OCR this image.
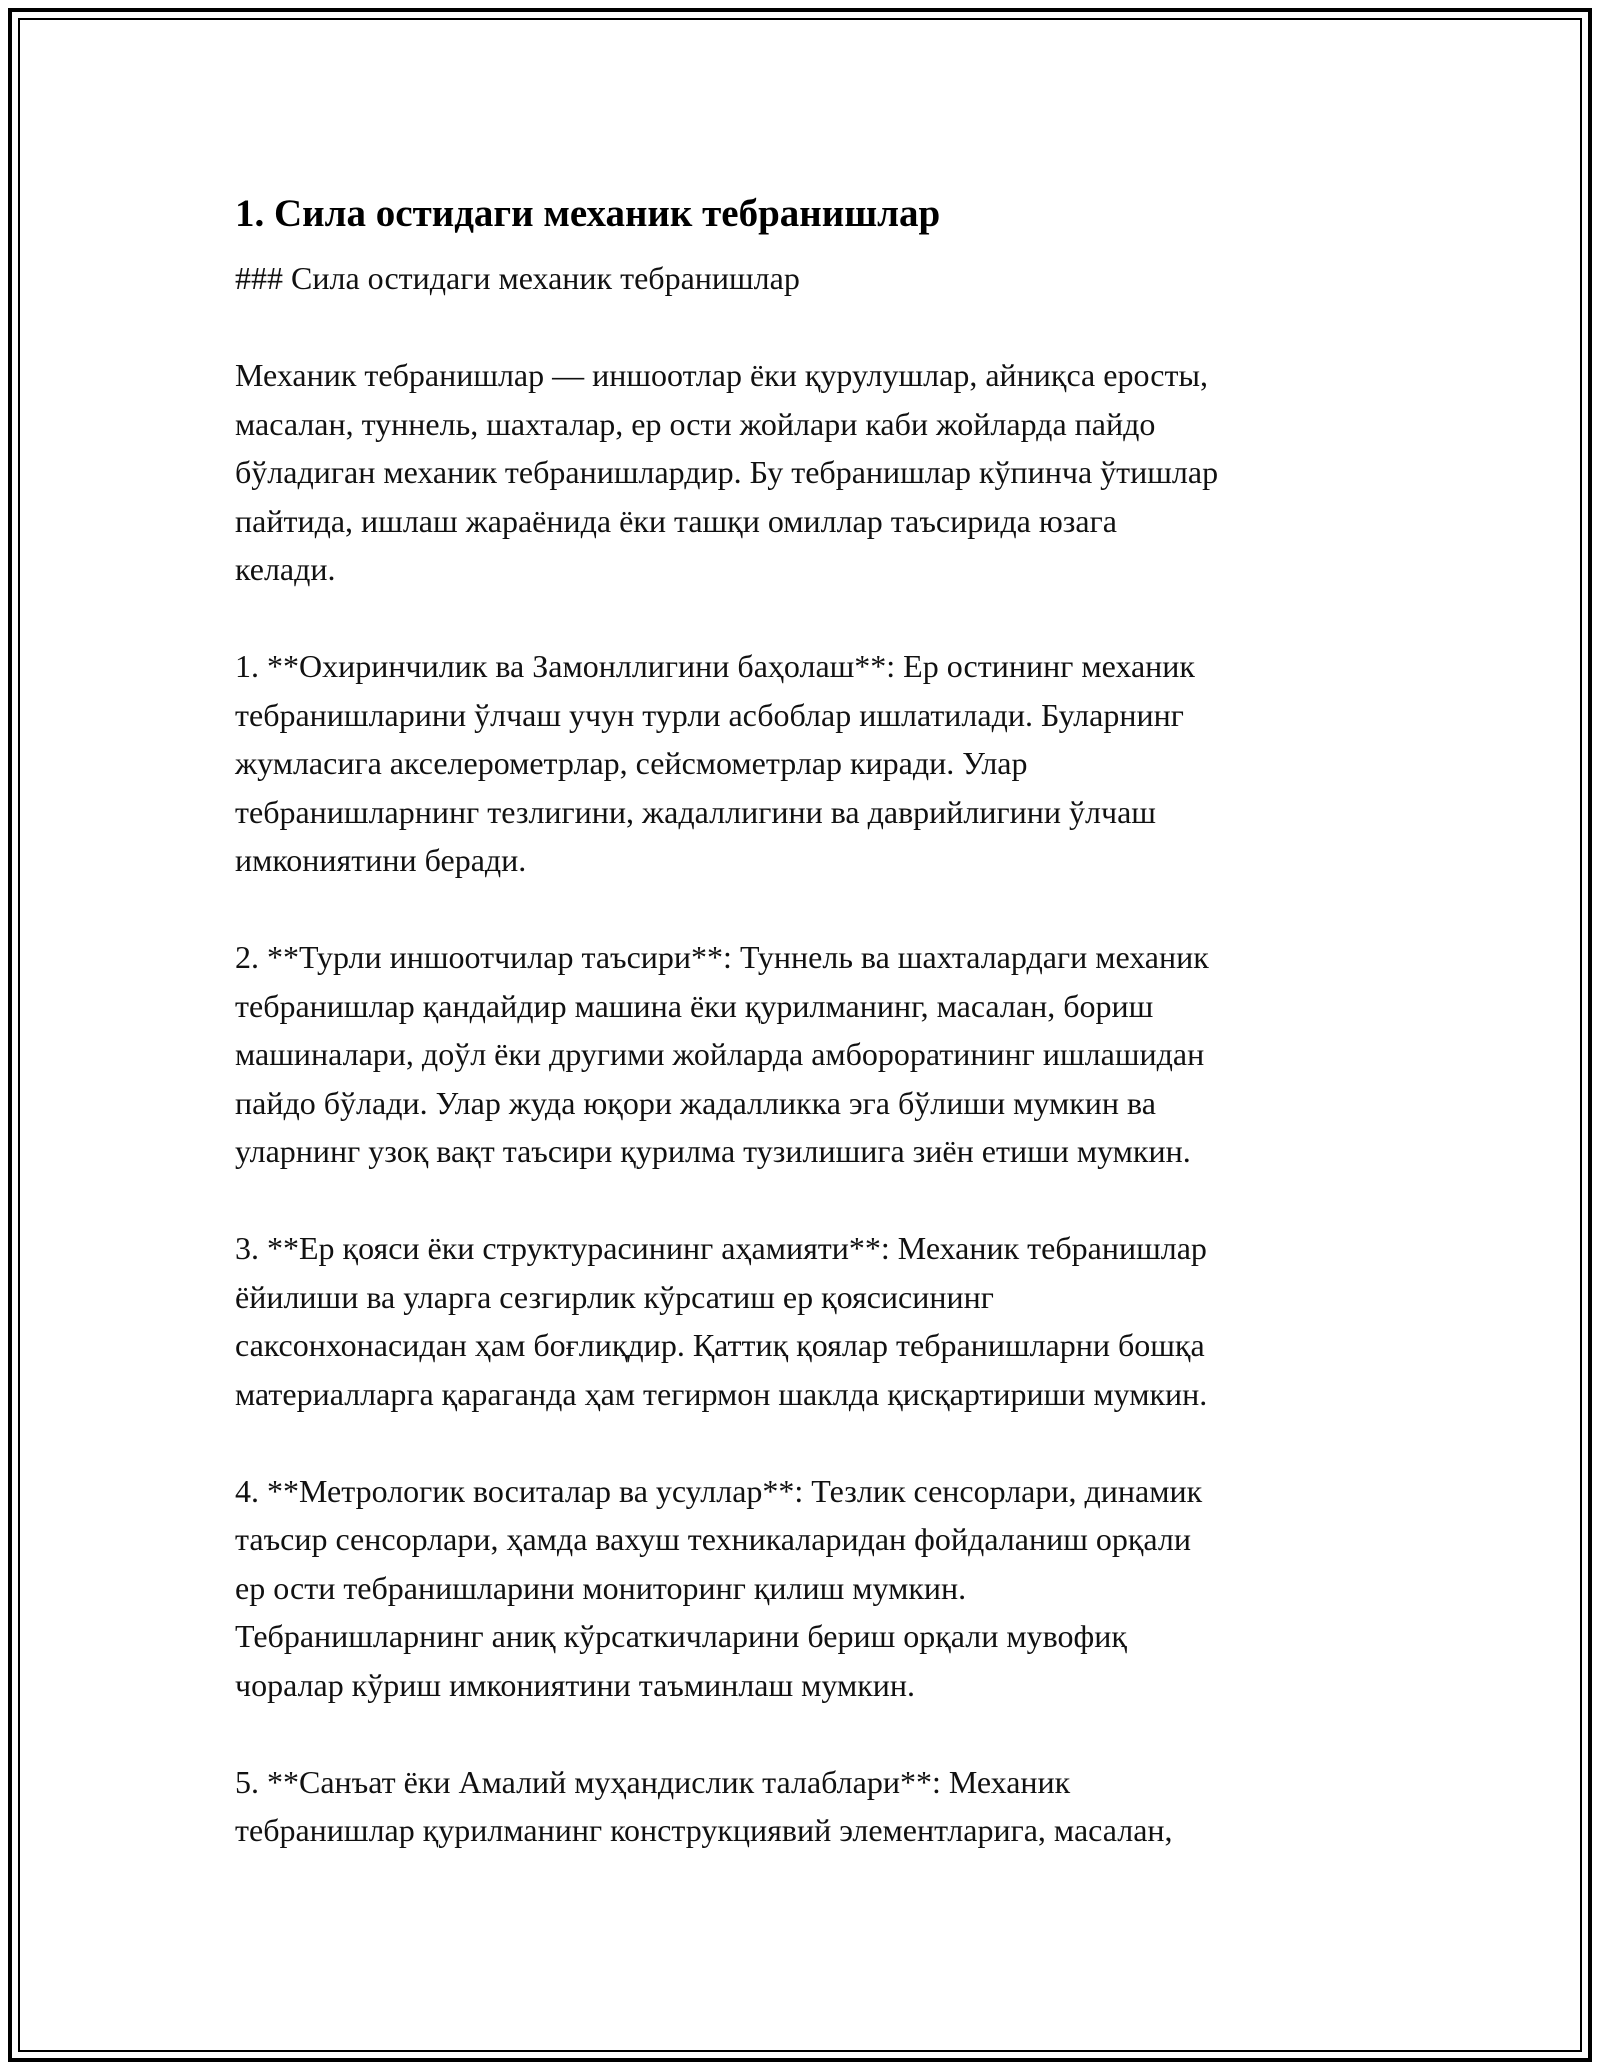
1. Сила остидаги механик тебранишлар

### Сила остидаги механик тебранишлар

Механик тебранишлар — иншоотлар ёки қурулушлар, айниқса еросты,
масалан, туннель, шахталар, ер ости жойлари каби жойларда пайдо
бўладиган механик тебранишлардир. Бу тебранишлар кўпинча ўтишлар
пайтида, ишлаш жараёнида ёки ташқи омиллар таъсирида юзага
келади.

1. **Охиринчилик ва Замонллигини баҳолаш**: Ер остининг механик
тебранишларини ўлчаш учун турли асбоблар ишлатилади. Буларнинг
жумласига акселерометрлар, сейсмометрлар киради. Улар
тебранишларнинг тезлигини, жадаллигини ва даврийлигини ўлчаш
имкониятини беради.

2. **Турли иншоотчилар таъсири**: Туннель ва шахталардаги механик
тебранишлар қандайдир машина ёки қурилманинг, масалан, бориш
машиналари, доўл ёки другими жойларда амборoратининг ишлашидан
пайдо бўлади. Улар жуда юқори жадалликка эга бўлиши мумкин ва
уларнинг узоқ вақт таъсири қурилма тузилишига зиён етиши мумкин.

3. **Ер қояси ёки структурасининг аҳамияти**: Механик тебранишлар
ёйилиши ва уларга сезгирлик кўрсатиш ер қоясисининг
саксонхонасидан ҳам боғлиқдир. Қаттиқ қоялар тебранишларни бошқа
материалларга қараганда ҳам тегирмон шаклда қисқартириши мумкин.

4. **Метрологик воситалар ва усуллар**: Тезлик сенсорлари, динамик
таъсир сенсорлари, ҳамда вахуш техникаларидан фойдаланиш орқали
ер ости тебранишларини мониторинг қилиш мумкин.
Тебранишларнинг аниқ кўрсаткичларини бериш орқали мувофиқ
чоралар кўриш имкониятини таъминлаш мумкин.

5. **Санъат ёки Амалий муҳандислик талаблари**: Механик
тебранишлар қурилманинг конструкциявий элементларига, масалан,
